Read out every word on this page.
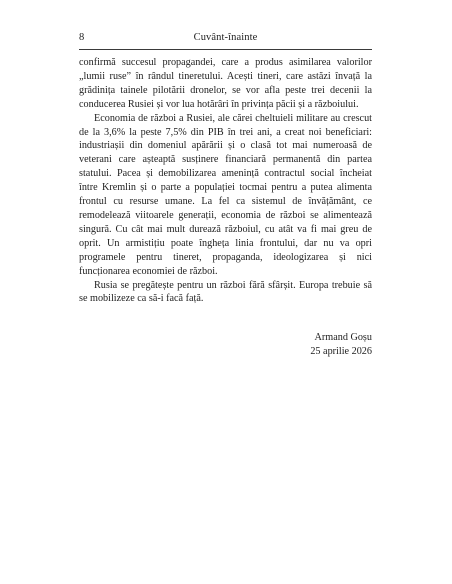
8	Cuvânt-înainte

confirmă succesul propagandei, care a produs asimilarea valorilor „lumii ruse” în rândul tineretului. Acești tineri, care astăzi învață la grădinița tainele pilotării dronelor, se vor afla peste trei decenii la conducerea Rusiei și vor lua hotărâri în privința păcii și a războiului.

Economia de război a Rusiei, ale cărei cheltuieli militare au crescut de la 3,6% la peste 7,5% din PIB în trei ani, a creat noi beneficiari: industriașii din domeniul apărării și o clasă tot mai numeroasă de veterani care așteaptă susținere financiară permanentă din partea statului. Pacea și demobilizarea amenință contractul social încheiat între Kremlin și o parte a populației tocmai pentru a putea alimenta frontul cu resurse umane. La fel ca sistemul de învățământ, ce remodelează viitoarele generații, economia de război se alimentează singură. Cu cât mai mult durează războiul, cu atât va fi mai greu de oprit. Un armistițiu poate îngheța linia frontului, dar nu va opri programele pentru tineret, propaganda, ideologizarea și nici funcționarea economiei de război.

Rusia se pregătește pentru un război fără sfârșit. Europa trebuie să se mobilizeze ca să-i facă față.

Armand Goșu
25 aprilie 2026
